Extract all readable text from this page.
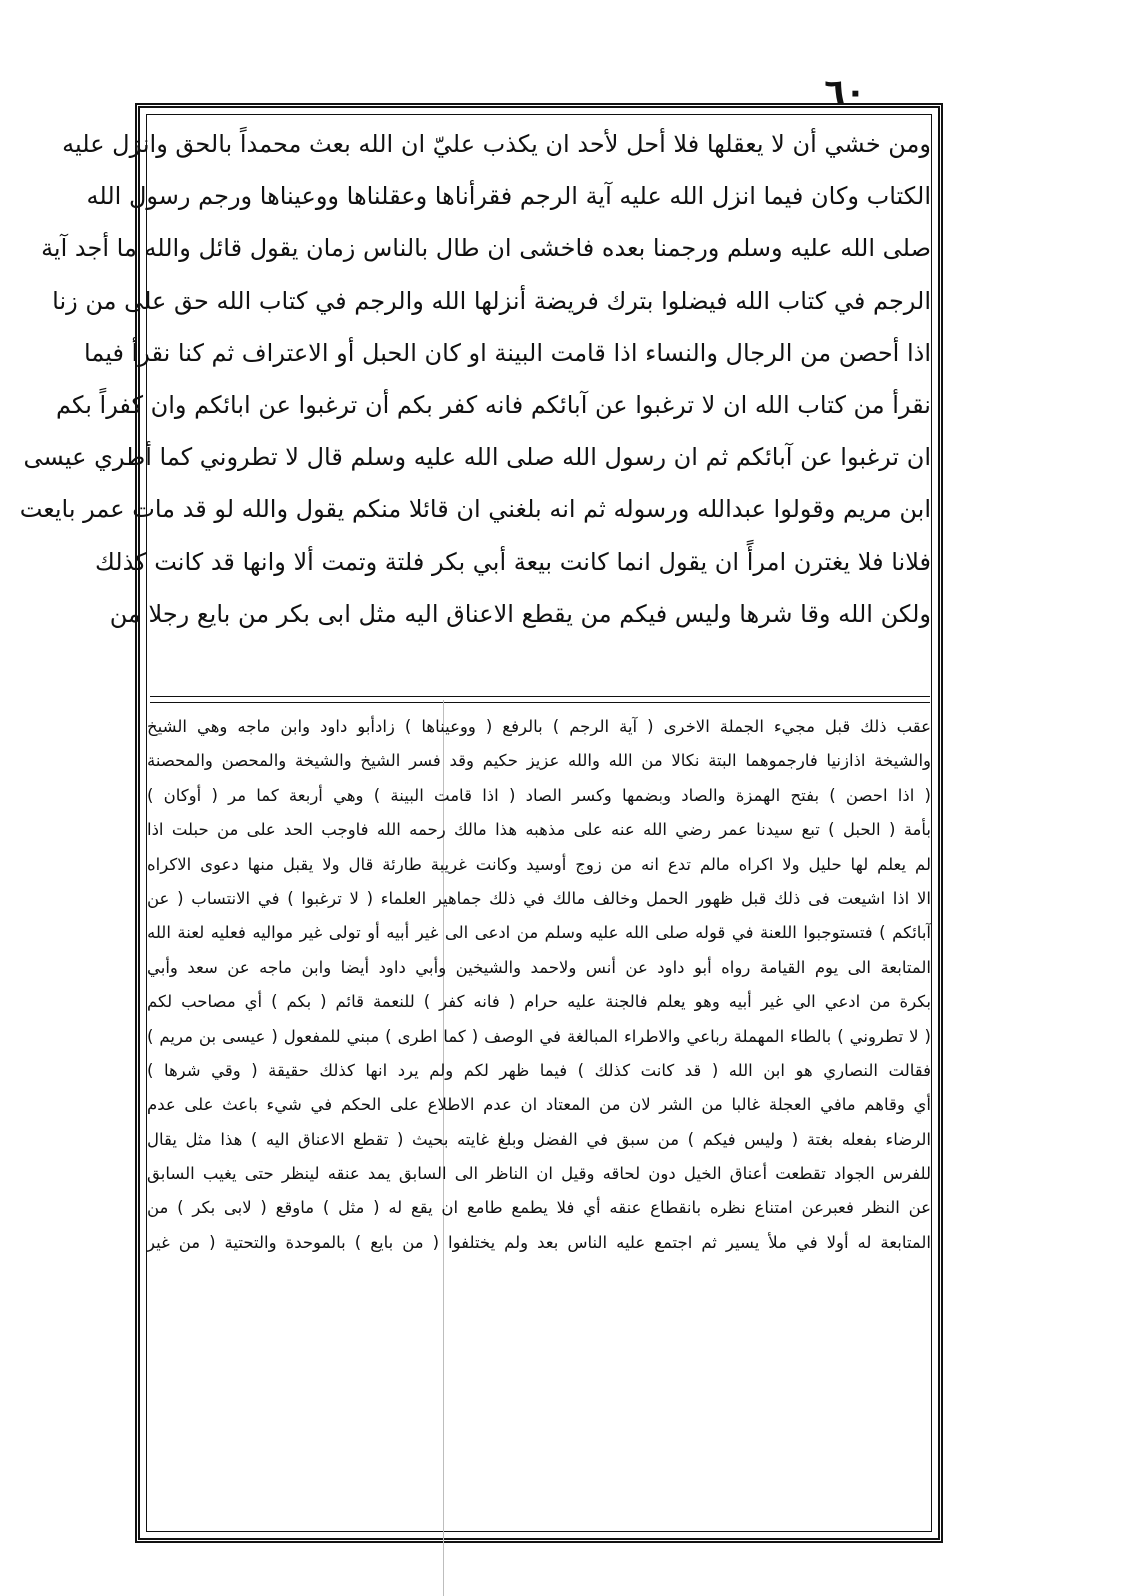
٦٠
ومن خشي أن لا يعقلها فلا أحل لأحد ان يكذب عليّ ان الله بعث محمداً بالحق وانزل عليه
الكتاب وكان فيما انزل الله عليه آية الرجم فقرأناها وعقلناها ووعيناها ورجم رسول الله
صلى الله عليه وسلم ورجمنا بعده فاخشى ان طال بالناس زمان يقول قائل والله ما أجد آية
الرجم في كتاب الله فيضلوا بترك فريضة أنزلها الله والرجم في كتاب الله حق على من زنا
اذا أحصن من الرجال والنساء اذا قامت البينة او كان الحبل أو الاعتراف ثم كنا نقرأ فيما
نقرأ من كتاب الله ان لا ترغبوا عن آبائكم فانه كفر بكم أن ترغبوا عن ابائكم وان كفراً بكم
ان ترغبوا عن آبائكم ثم ان رسول الله صلى الله عليه وسلم قال لا تطروني كما أطري عيسى
ابن مريم وقولوا عبدالله ورسوله ثم انه بلغني ان قائلا منكم يقول والله لو قد مات عمر بايعت
فلانا فلا يغترن امرأً ان يقول انما كانت بيعة أبي بكر فلتة وتمت ألا وانها قد كانت كذلك
ولكن الله وقا شرها وليس فيكم من يقطع الاعناق اليه مثل ابى بكر من بايع رجلا من
عقب ذلك قبل مجيء الجملة الاخرى ( آية الرجم ) بالرفع ( ووعيناها ) زادأبو داود وابن ماجه وهي الشيخ
والشيخة اذازنيا فارجموهما البتة نكالا من الله والله عزيز حكيم وقد فسر الشيخ والشيخة والمحصن والمحصنة
( اذا احصن ) بفتح الهمزة والصاد وبضمها وكسر الصاد ( اذا قامت البينة ) وهي أربعة كما مر ( أوكان )
بأمة ( الحبل ) تبع سيدنا عمر رضي الله عنه على مذهبه هذا مالك رحمه الله فاوجب الحد على من حبلت اذا
لم يعلم لها حليل ولا اكراه مالم تدع انه من زوج أوسيد وكانت غريبة طارئة قال ولا يقبل منها دعوى الاكراه
الا اذا اشيعت فى ذلك قبل ظهور الحمل وخالف مالك في ذلك جماهير العلماء ( لا ترغبوا ) في الانتساب ( عن
آبائكم ) فتستوجبوا اللعنة في قوله صلى الله عليه وسلم من ادعى الى غير أبيه أو تولى غير مواليه فعليه لعنة الله
المتابعة الى يوم القيامة رواه أبو داود عن أنس ولاحمد والشيخين وأبي داود أيضا وابن ماجه عن سعد وأبي
بكرة من ادعي الي غير أبيه وهو يعلم فالجنة عليه حرام ( فانه كفر ) للنعمة قائم ( بكم ) أي مصاحب لكم
( لا تطروني ) بالطاء المهملة رباعي والاطراء المبالغة في الوصف ( كما اطرى ) مبني للمفعول ( عيسى بن مريم )
فقالت النصاري هو ابن الله ( قد كانت كذلك ) فيما ظهر لكم ولم يرد انها كذلك حقيقة ( وقي شرها )
أي وقاهم مافي العجلة غالبا من الشر لان من المعتاد ان عدم الاطلاع على الحكم في شيء باعث على عدم
الرضاء بفعله بغتة ( وليس فيكم ) من سبق في الفضل وبلغ غايته بحيث ( تقطع الاعناق اليه ) هذا مثل يقال
للفرس الجواد تقطعت أعناق الخيل دون لحاقه وقيل ان الناظر الى السابق يمد عنقه لينظر حتى يغيب السابق
عن النظر فعبرعن امتناع نظره بانقطاع عنقه أي فلا يطمع طامع ان يقع له ( مثل ) ماوقع ( لابى بكر ) من
المتابعة له أولا في ملأ يسير ثم اجتمع عليه الناس بعد ولم يختلفوا ( من بايع ) بالموحدة والتحتية ( من غير
